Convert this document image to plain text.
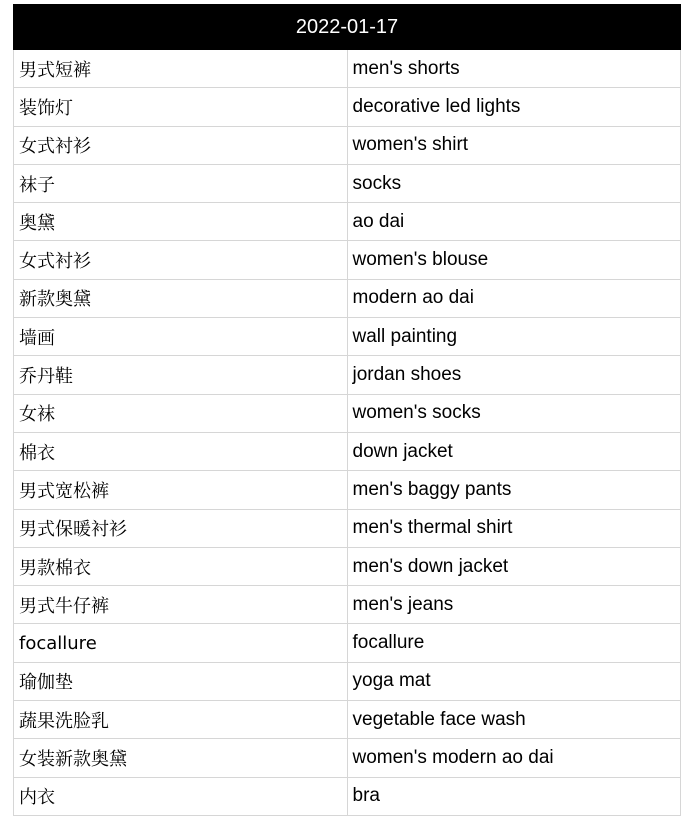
2022-01-17	
男式短裤	men's shorts
装饰灯	decorative led lights
女式衬衫	women's shirt
袜子	socks
奥黛	ao dai
女式衬衫	women's blouse
新款奥黛	modern ao dai
墙画	wall painting
乔丹鞋	jordan shoes
女袜	women's socks
棉衣	down jacket
男式宽松裤	men's baggy pants
男式保暖衬衫	men's thermal shirt
男款棉衣	men's down jacket
男式牛仔裤	men's jeans
focallure	focallure
瑜伽垫	yoga mat
蔬果洗脸乳	vegetable face wash
女装新款奥黛	women's modern ao dai
内衣	bra
